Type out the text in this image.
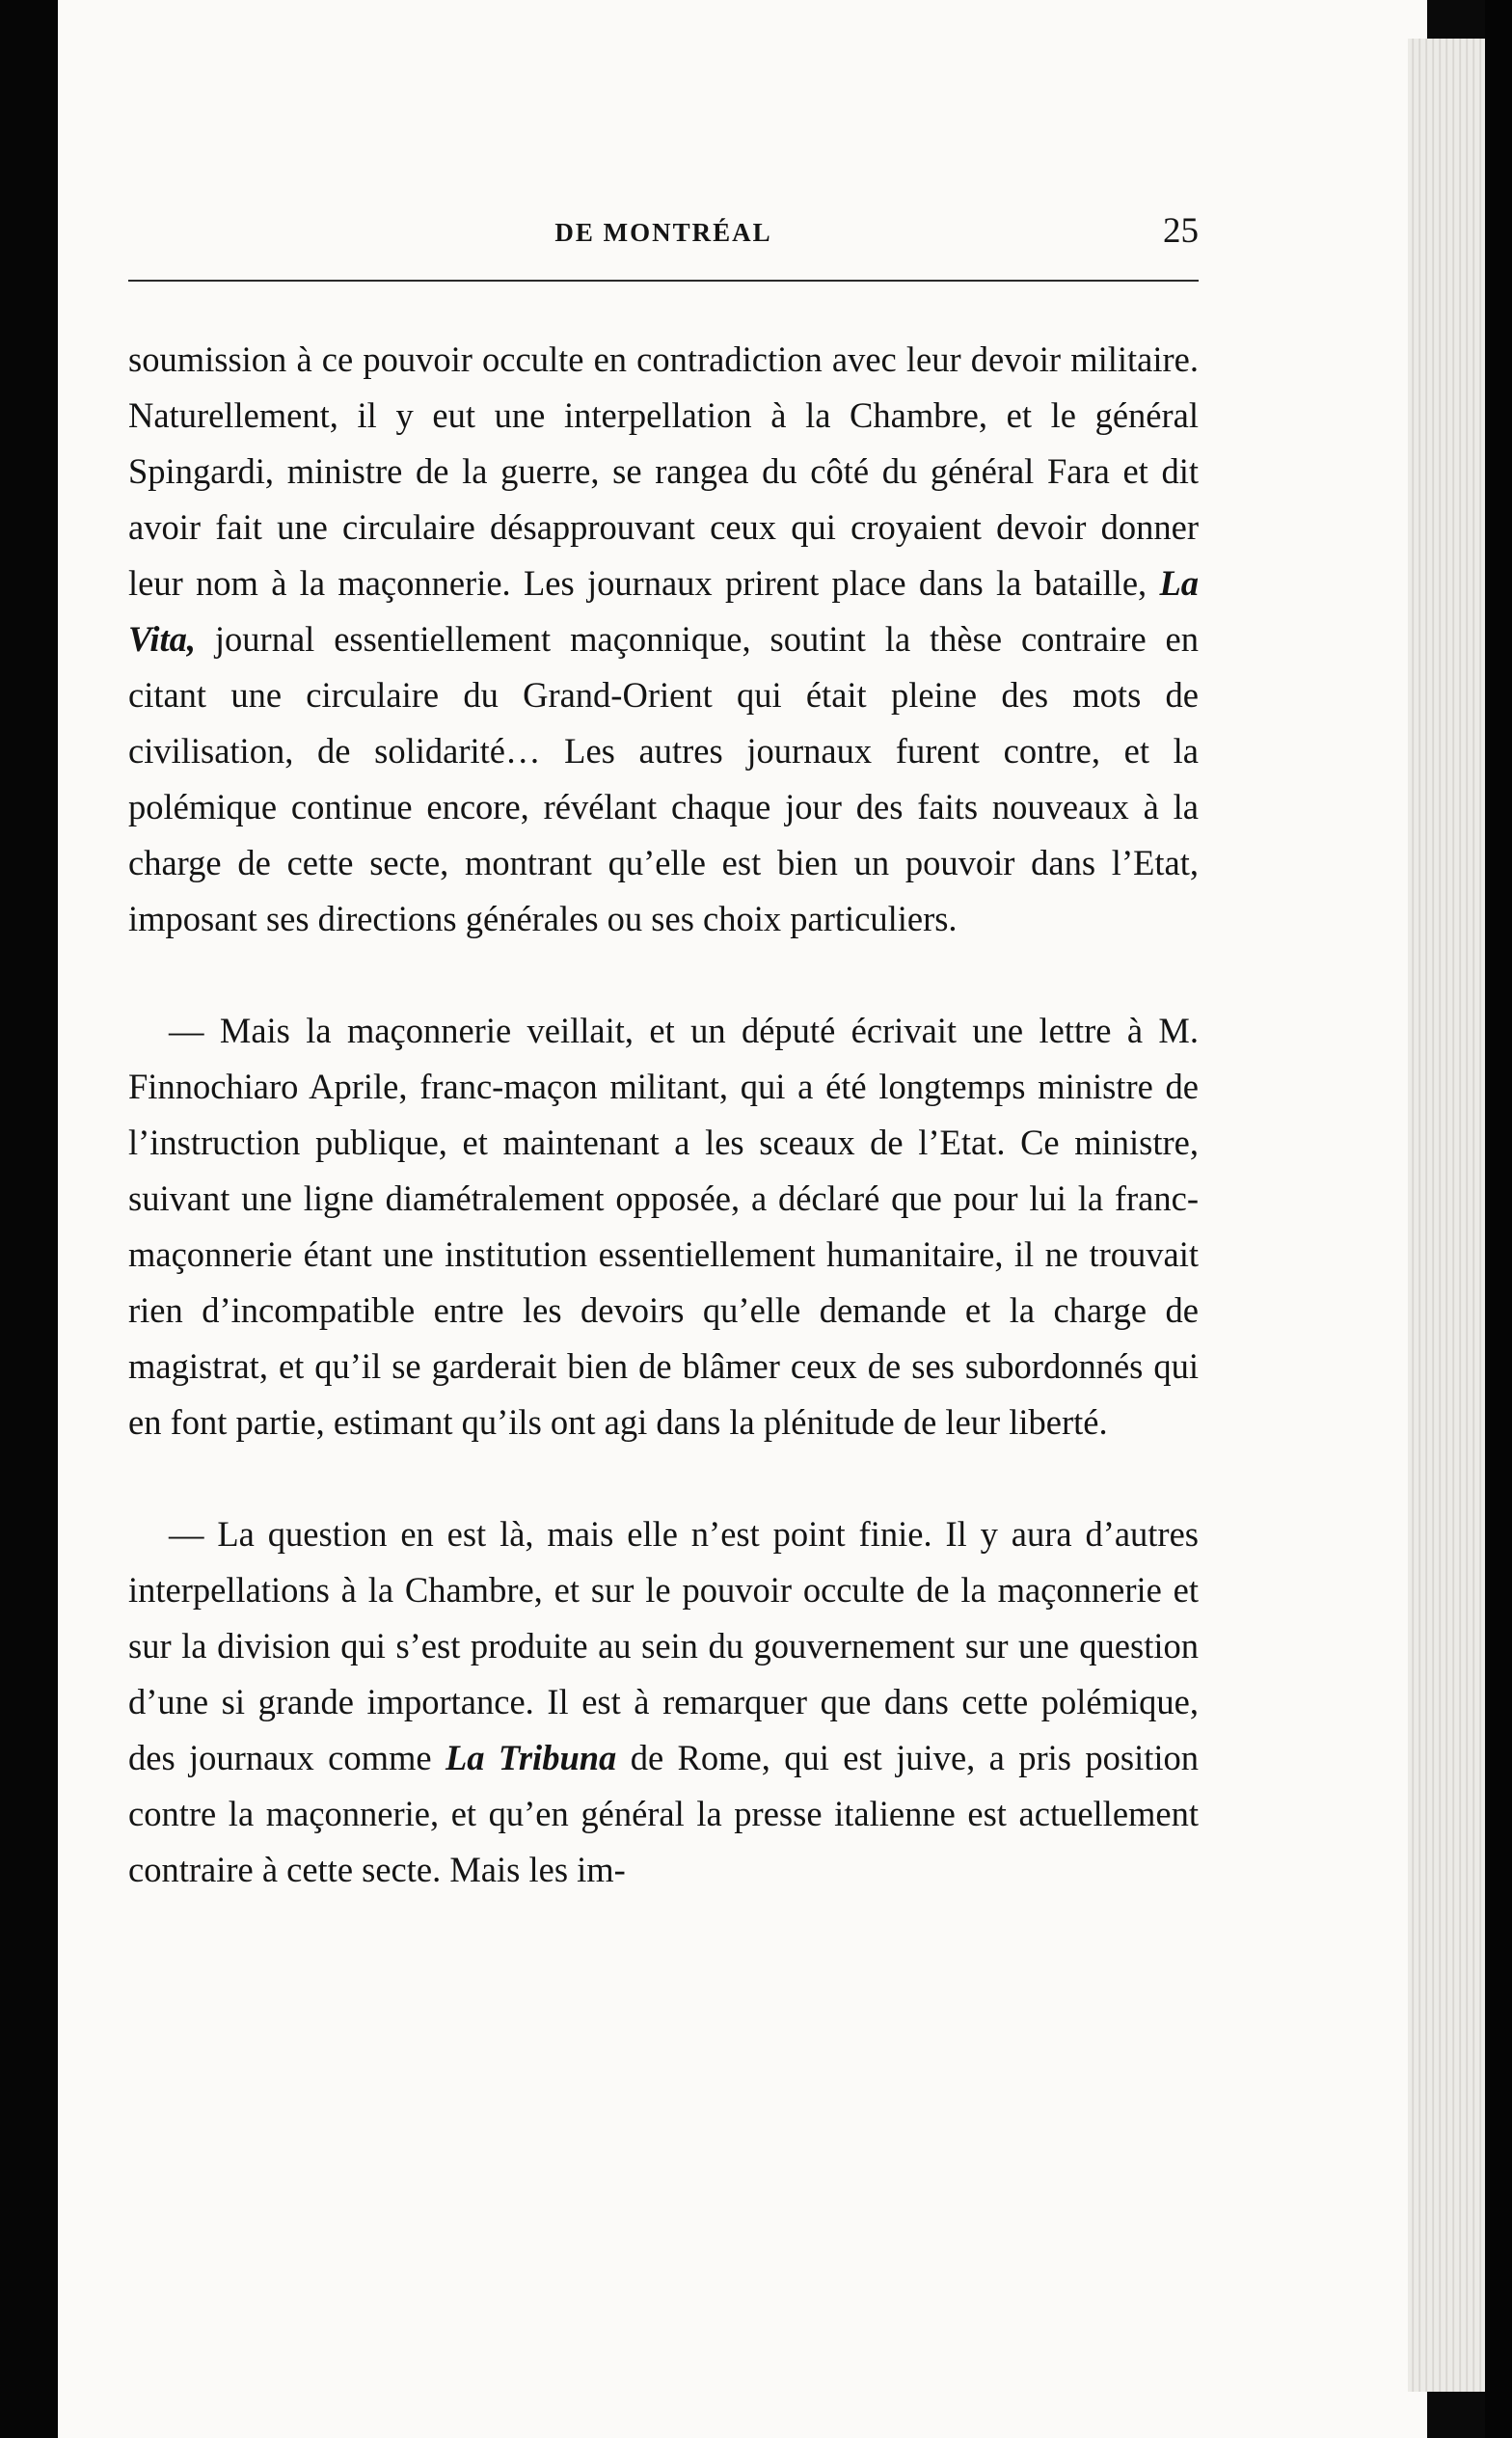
DE MONTRÉAL	25

soumission à ce pouvoir occulte en contradiction avec leur devoir militaire. Naturellement, il y eut une interpellation à la Chambre, et le général Spingardi, ministre de la guerre, se rangea du côté du général Fara et dit avoir fait une circulaire désapprouvant ceux qui croyaient devoir donner leur nom à la maçonnerie. Les journaux prirent place dans la bataille, La Vita, journal essentiellement maçonnique, soutint la thèse contraire en citant une circulaire du Grand-Orient qui était pleine des mots de civilisation, de solidarité… Les autres journaux furent contre, et la polémique continue encore, révélant chaque jour des faits nouveaux à la charge de cette secte, montrant qu’elle est bien un pouvoir dans l’Etat, imposant ses directions générales ou ses choix particuliers.

— Mais la maçonnerie veillait, et un député écrivait une lettre à M. Finnochiaro Aprile, franc-maçon militant, qui a été longtemps ministre de l’instruction publique, et maintenant a les sceaux de l’Etat. Ce ministre, suivant une ligne diamétralement opposée, a déclaré que pour lui la franc-maçonnerie étant une institution essentiellement humanitaire, il ne trouvait rien d’incompatible entre les devoirs qu’elle demande et la charge de magistrat, et qu’il se garderait bien de blâmer ceux de ses subordonnés qui en font partie, estimant qu’ils ont agi dans la plénitude de leur liberté.

— La question en est là, mais elle n’est point finie. Il y aura d’autres interpellations à la Chambre, et sur le pouvoir occulte de la maçonnerie et sur la division qui s’est produite au sein du gouvernement sur une question d’une si grande importance. Il est à remarquer que dans cette polémique, des journaux comme La Tribuna de Rome, qui est juive, a pris position contre la maçonnerie, et qu’en général la presse italienne est actuellement contraire à cette secte. Mais les im-
